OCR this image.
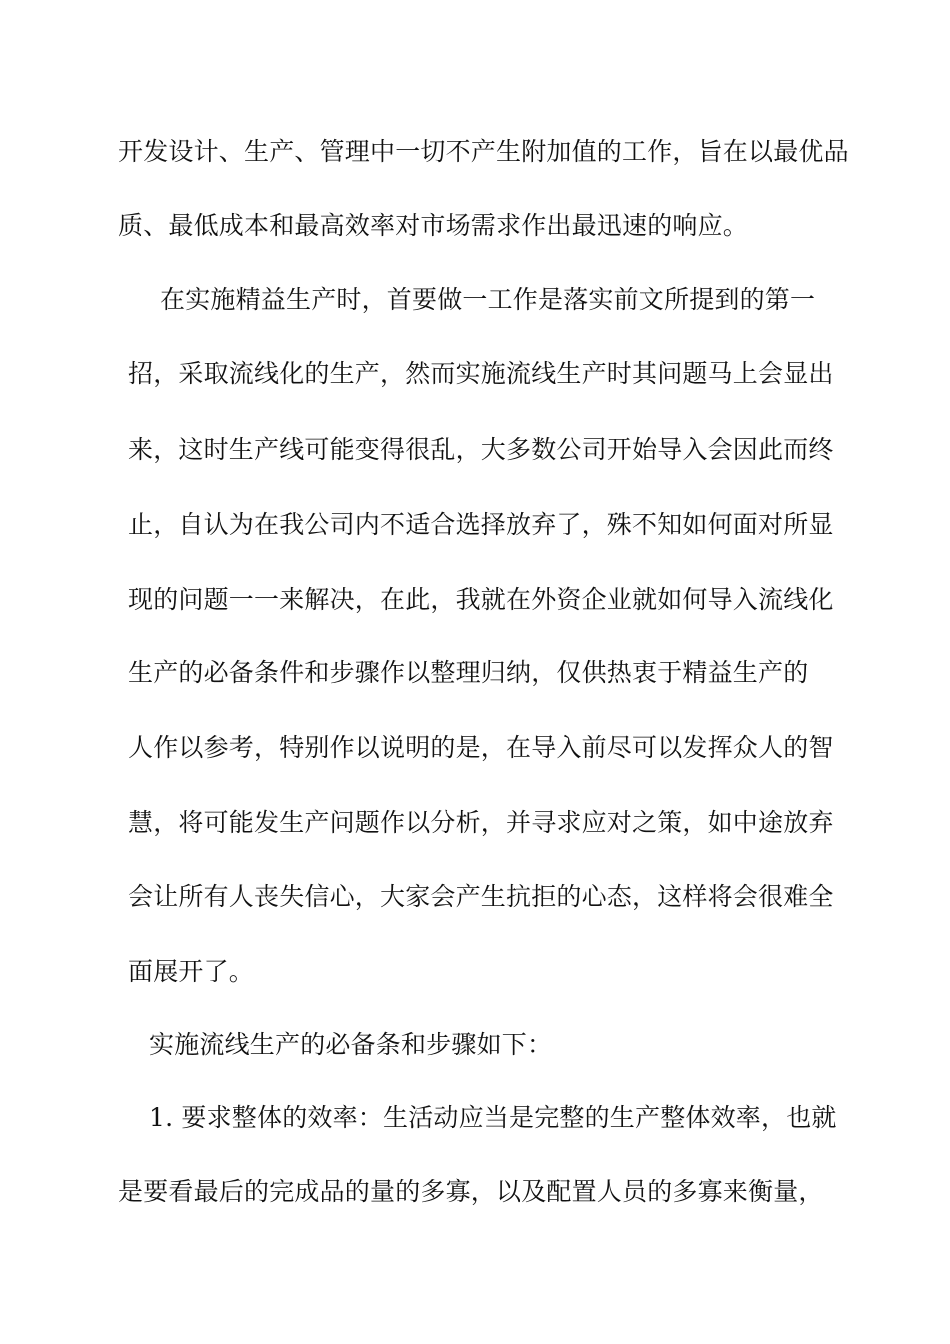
开发设计、生产、管理中一切不产生附加值的工作，旨在以最优品
质、最低成本和最高效率对市场需求作出最迅速的响应。
在实施精益生产时，首要做一工作是落实前文所提到的第一
招，采取流线化的生产，然而实施流线生产时其问题马上会显出
来，这时生产线可能变得很乱，大多数公司开始导入会因此而终
止，自认为在我公司内不适合选择放弃了，殊不知如何面对所显
现的问题一一来解决，在此，我就在外资企业就如何导入流线化
生产的必备条件和步骤作以整理归纳，仅供热衷于精益生产的
人作以参考，特别作以说明的是，在导入前尽可以发挥众人的智
慧，将可能发生产问题作以分析，并寻求应对之策，如中途放弃
会让所有人丧失信心，大家会产生抗拒的心态，这样将会很难全
面展开了。
实施流线生产的必备条和步骤如下：
1. 要求整体的效率：生活动应当是完整的生产整体效率，也就
是要看最后的完成品的量的多寡，以及配置人员的多寡来衡量，
